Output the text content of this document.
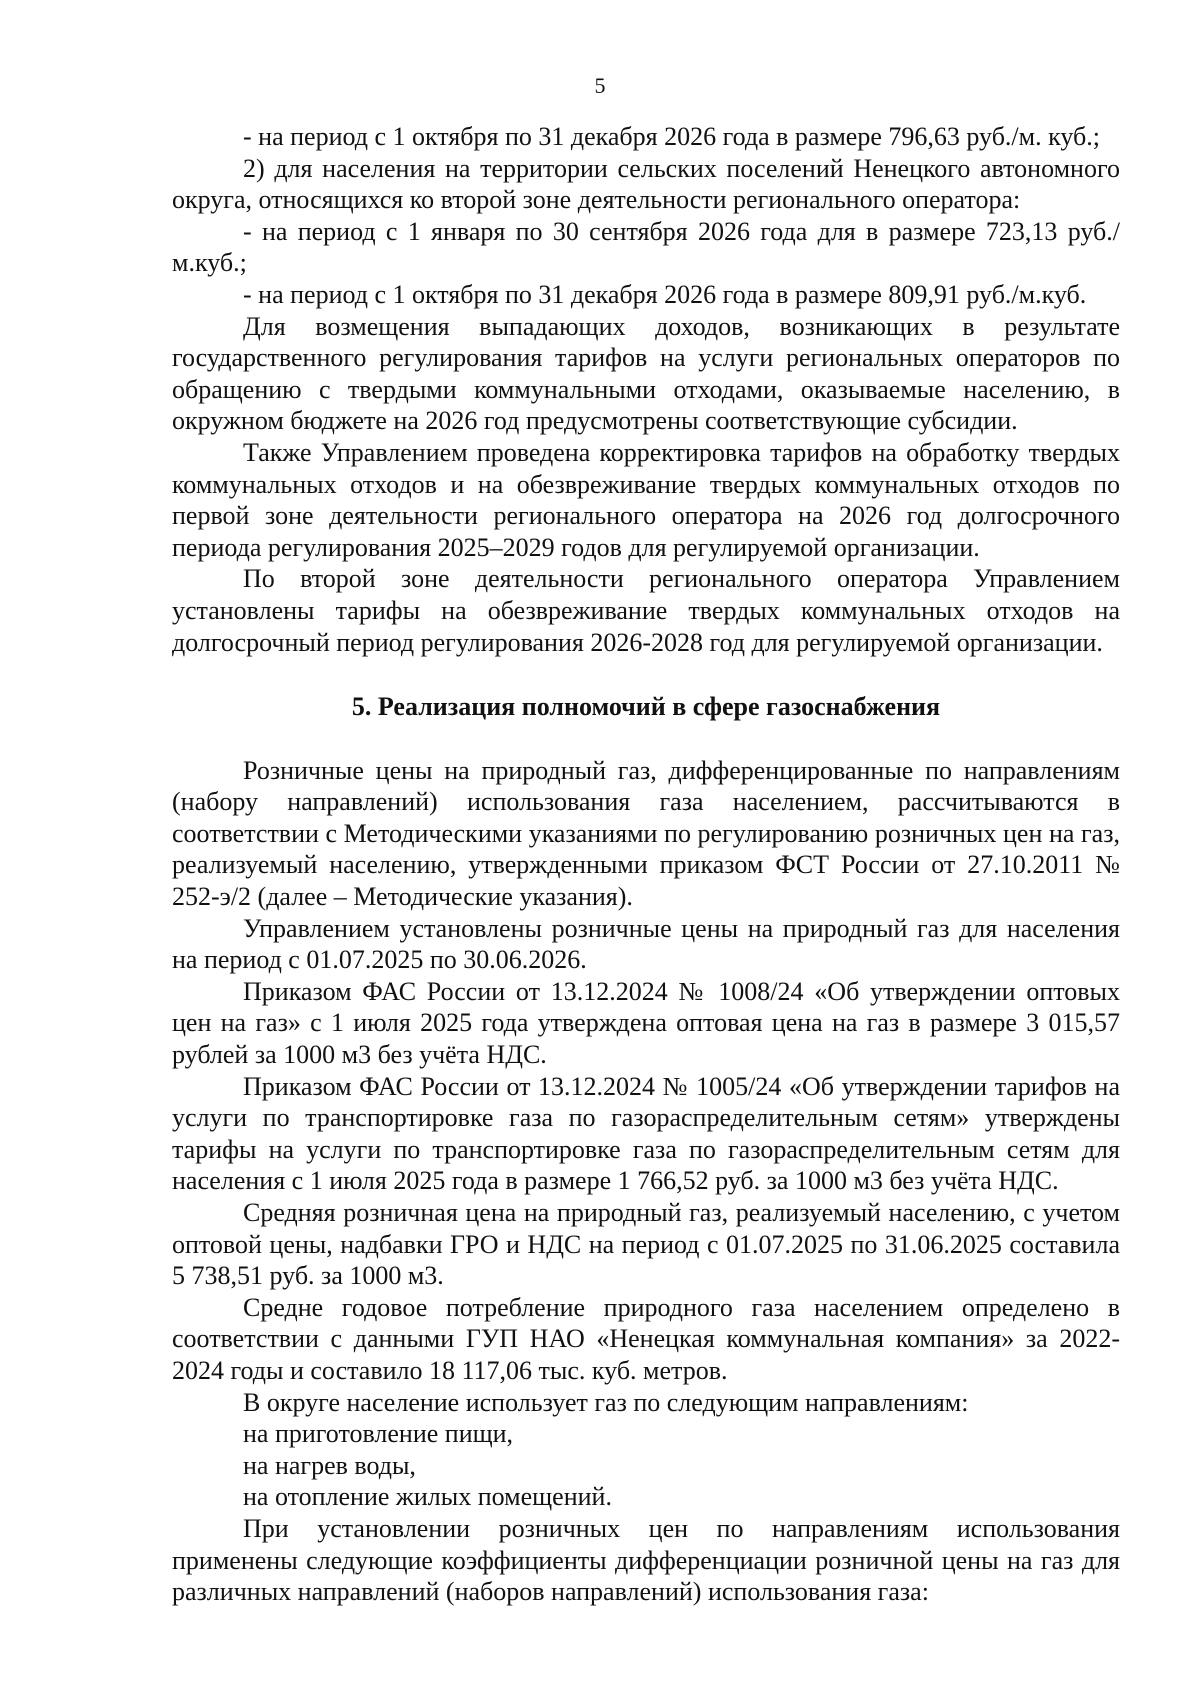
5

- на период с 1 октября по 31 декабря 2026 года в размере 796,63 руб./м. куб.;

2) для населения на территории сельских поселений Ненецкого автономного округа, относящихся ко второй зоне деятельности регионального оператора:

- на период с 1 января по 30 сентября 2026 года для в размере 723,13 руб./м.куб.;

- на период с 1 октября по 31 декабря 2026 года в размере 809,91 руб./м.куб.

Для возмещения выпадающих доходов, возникающих в результате государственного регулирования тарифов на услуги региональных операторов по обращению с твердыми коммунальными отходами, оказываемые населению, в окружном бюджете на 2026 год предусмотрены соответствующие субсидии.

Также Управлением проведена корректировка тарифов на обработку твердых коммунальных отходов и на обезвреживание твердых коммунальных отходов по первой зоне деятельности регионального оператора на 2026 год долгосрочного периода регулирования 2025–2029 годов для регулируемой организации.

По второй зоне деятельности регионального оператора Управлением установлены тарифы на обезвреживание твердых коммунальных отходов на долгосрочный период регулирования 2026-2028 год для регулируемой организации.

5. Реализация полномочий в сфере газоснабжения

Розничные цены на природный газ, дифференцированные по направлениям (набору направлений) использования газа населением, рассчитываются в соответствии с Методическими указаниями по регулированию розничных цен на газ, реализуемый населению, утвержденными приказом ФСТ России от 27.10.2011 № 252-э/2 (далее – Методические указания).

Управлением установлены розничные цены на природный газ для населения на период с 01.07.2025 по 30.06.2026.

Приказом ФАС России от 13.12.2024 № 1008/24 «Об утверждении оптовых цен на газ» с 1 июля 2025 года утверждена оптовая цена на газ в размере 3 015,57 рублей за 1000 м3 без учёта НДС.

Приказом ФАС России от 13.12.2024 № 1005/24 «Об утверждении тарифов на услуги по транспортировке газа по газораспределительным сетям» утверждены тарифы на услуги по транспортировке газа по газораспределительным сетям для населения с 1 июля 2025 года в размере 1 766,52 руб. за 1000 м3 без учёта НДС.

Средняя розничная цена на природный газ, реализуемый населению, с учетом оптовой цены, надбавки ГРО и НДС на период с 01.07.2025 по 31.06.2025 составила 5 738,51 руб. за 1000 м3.

Средне годовое потребление природного газа населением определено в соответствии с данными ГУП НАО «Ненецкая коммунальная компания» за 2022-2024 годы и составило 18 117,06 тыс. куб. метров.

В округе население использует газ по следующим направлениям:

на приготовление пищи,

на нагрев воды,

на отопление жилых помещений.

При установлении розничных цен по направлениям использования применены следующие коэффициенты дифференциации розничной цены на газ для различных направлений (наборов направлений) использования газа:
